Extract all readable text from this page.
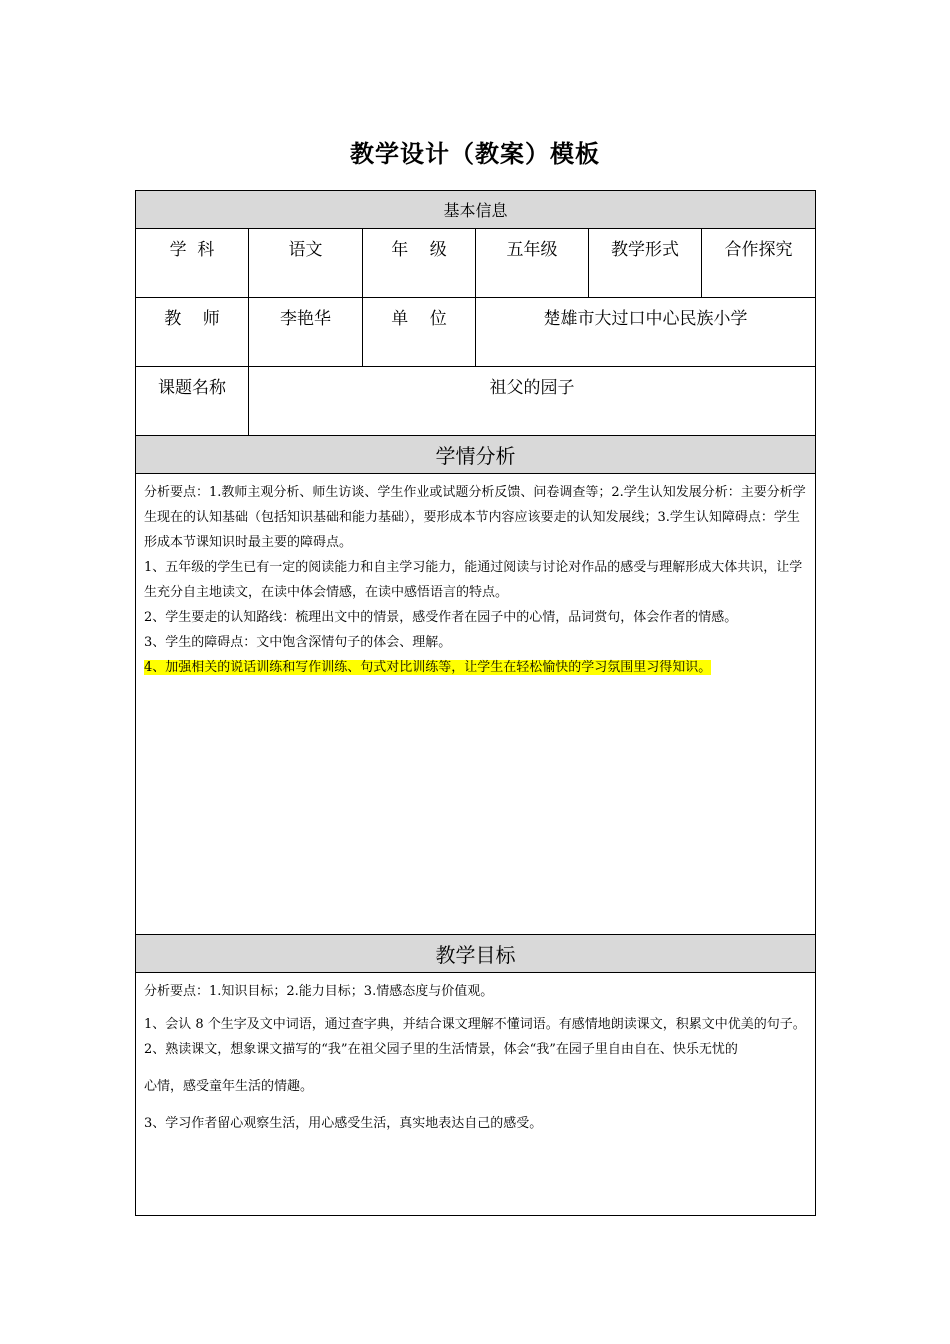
教学设计（教案）模板
基本信息					
学  科	语文	年    级	五年级	教学形式	合作探究
教    师	李艳华	单    位	楚雄市大过口中心民族小学		
课题名称	祖父的园子				
学情分析					

分析要点：1.教师主观分析、师生访谈、学生作业或试题分析反馈、问卷调查等；2.学生认知发展分析：主要分析学生现在的认知基础（包括知识基础和能力基础），要形成本节内容应该要走的认知发展线；3.学生认知障碍点：学生形成本节课知识时最主要的障碍点。

1、五年级的学生已有一定的阅读能力和自主学习能力，能通过阅读与讨论对作品的感受与理解形成大体共识，让学生充分自主地读文，在读中体会情感，在读中感悟语言的特点。

2、学生要走的认知路线：梳理出文中的情景，感受作者在园子中的心情，品词赏句，体会作者的情感。

3、学生的障碍点：文中饱含深情句子的体会、理解。

4、加强相关的说话训练和写作训练、句式对比训练等，让学生在轻松愉快的学习氛围里习得知识。					

教学目标					

分析要点：1.知识目标；2.能力目标；3.情感态度与价值观。

1、会认 8 个生字及文中词语，通过查字典，并结合课文理解不懂词语。有感情地朗读课文，积累文中优美的句子。

2、熟读课文，想象课文描写的“我”在祖父园子里的生活情景，体会“我”在园子里自由自在、快乐无忧的

心情，感受童年生活的情趣。

3、学习作者留心观察生活，用心感受生活，真实地表达自己的感受。					
